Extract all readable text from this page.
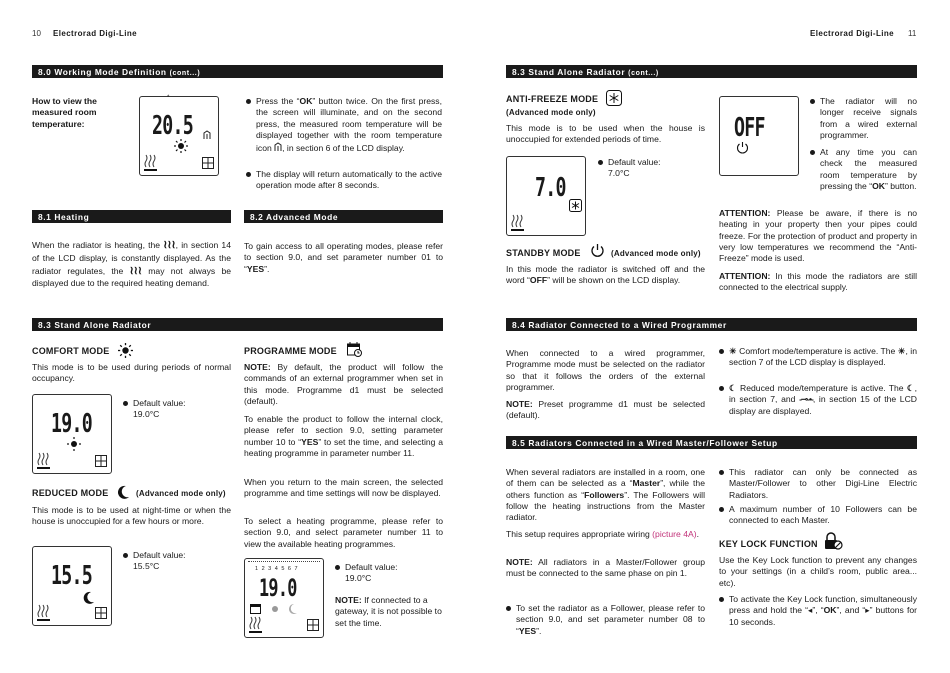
10 Electrorad Digi-Line	Electrorad Digi-Line 11
8.0 Working Mode Definition (cont...)
How to view the measured room temperature:
*
20.5
Press the “OK” button twice. On the first press, the screen will illuminate, and on the second press, the measured room temperature will be displayed together with the room temperature icon , in section 6 of the LCD display.
The display will return automatically to the active operation mode after 8 seconds.
8.1 Heating	8.2 Advanced Mode
When the radiator is heating, the ≀≀≀, in section 14 of the LCD display, is constantly displayed. As the radiator regulates, the ≀≀≀ may not always be displayed due to the required heating demand.
To gain access to all operating modes, please refer to section 9.0, and set parameter number 01 to “YES”.
8.3 Stand Alone Radiator
COMFORT MODE
This mode is to be used during periods of normal occupancy.
19.0
Default value: 19.0°C
REDUCED MODE	(Advanced mode only)
This mode is to be used at night-time or when the house is unoccupied for a few hours or more.
15.5
Default value: 15.5°C
PROGRAMME MODE
NOTE: By default, the product will follow the commands of an external programmer when set in this mode. Programme d1 must be selected (default).
To enable the product to follow the internal clock, please refer to section 9.0, setting parameter number 10 to “YES” to set the time, and selecting a heating programme in parameter number 11.
When you return to the main screen, the selected programme and time settings will now be displayed.
To select a heating programme, please refer to section 9.0, and select parameter number 11 to view the available heating programmes.
1 2 3 4 5 6 7
19.0
Default value: 19.0°C
NOTE: If connected to a gateway, it is not possible to set the time.
8.3 Stand Alone Radiator (cont...)
ANTI-FREEZE MODE
(Advanced mode only)
This mode is to be used when the house is unoccupied for extended periods of time.
7.0
Default value: 7.0°C
STANDBY MODE	(Advanced mode only)
In this mode the radiator is switched off and the word “OFF” will be shown on the LCD display.
OFF
The radiator will no longer receive signals from a wired external programmer.
At any time you can check the measured room temperature by pressing the “OK” button.
ATTENTION: Please be aware, if there is no heating in your property then your pipes could freeze. For the protection of product and property in very low temperatures we recommend the “Anti-Freeze” mode is used.
ATTENTION: In this mode the radiators are still connected to the electrical supply.
8.4 Radiator Connected to a Wired Programmer
When connected to a wired programmer, Programme mode must be selected on the radiator so that it follows the orders of the external programmer.
NOTE: Preset programme d1 must be selected (default).
☀ Comfort mode/temperature is active. The ☀, in section 7 of the LCD display is displayed.
☾ Reduced mode/temperature is active. The ☾, in section 7, and -⊸-•-, in section 15 of the LCD display are displayed.
8.5 Radiators Connected in a Wired Master/Follower Setup
When several radiators are installed in a room, one of them can be selected as a “Master”, while the others function as “Followers”. The Followers will follow the heating instructions from the Master radiator.
This setup requires appropriate wiring (picture 4A).
NOTE: All radiators in a Master/Follower group must be connected to the same phase on pin 1.
To set the radiator as a Follower, please refer to section 9.0, and set parameter number 08 to “YES”.
This radiator can only be connected as Master/Follower to other Digi-Line Electric Radiators.
A maximum number of 10 Followers can be connected to each Master.
KEY LOCK FUNCTION
Use the Key Lock function to prevent any changes to your settings (in a child’s room, public area... etc).
To activate the Key Lock function, simultaneously press and hold the “◂”, “OK”, and “▸” buttons for 10 seconds.
